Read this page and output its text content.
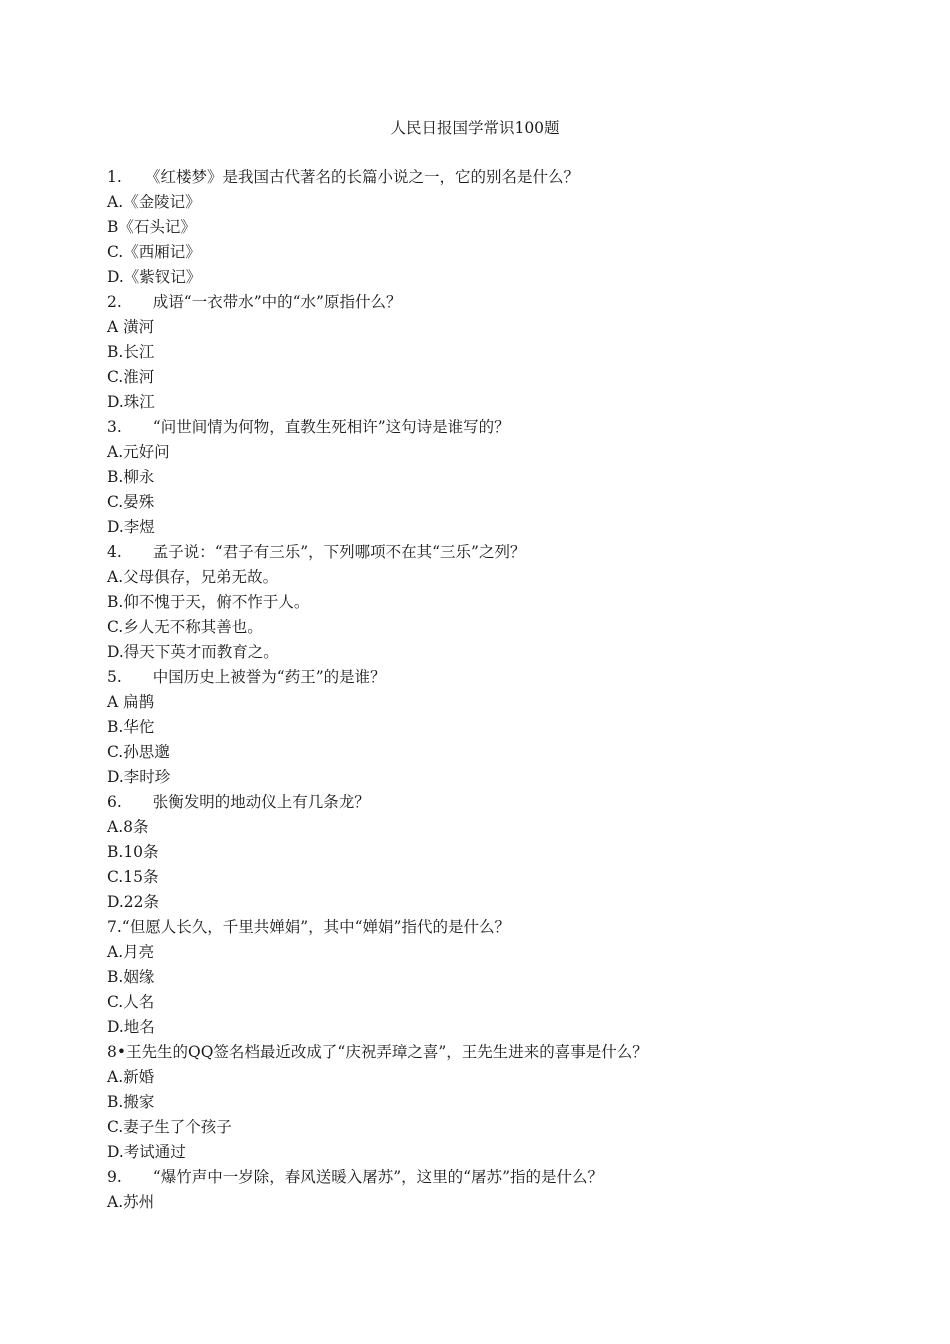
人民日报国学常识100题
1.　　《红楼梦》是我国古代著名的长篇小说之一，它的别名是什么？
A.《金陵记》
B《石头记》
C.《西厢记》
D.《紫钗记》
2.　　成语“一衣带水”中的“水”原指什么？
A 潢河
B.长江
C.淮河
D.珠江
3.　　“问世间情为何物，直教生死相许”这句诗是谁写的？
A.元好问
B.柳永
C.晏殊
D.李煜
4.　　孟子说：“君子有三乐”，下列哪项不在其“三乐”之列？
A.父母俱存，兄弟无故。
B.仰不愧于天，俯不怍于人。
C.乡人无不称其善也。
D.得天下英才而教育之。
5.　　中国历史上被誉为“药王”的是谁？
A 扁鹊
B.华佗
C.孙思邈
D.李时珍
6.　　张衡发明的地动仪上有几条龙？
A.8条
B.10条
C.15条
D.22条
7.“但愿人长久，千里共婵娟”，其中“婵娟”指代的是什么？
A.月亮
B.姻缘
C.人名
D.地名
8•王先生的QQ签名档最近改成了“庆祝弄璋之喜”，王先生进来的喜事是什么？
A.新婚
B.搬家
C.妻子生了个孩子
D.考试通过
9.　　“爆竹声中一岁除，春风送暖入屠苏”，这里的“屠苏”指的是什么？
A.苏州
